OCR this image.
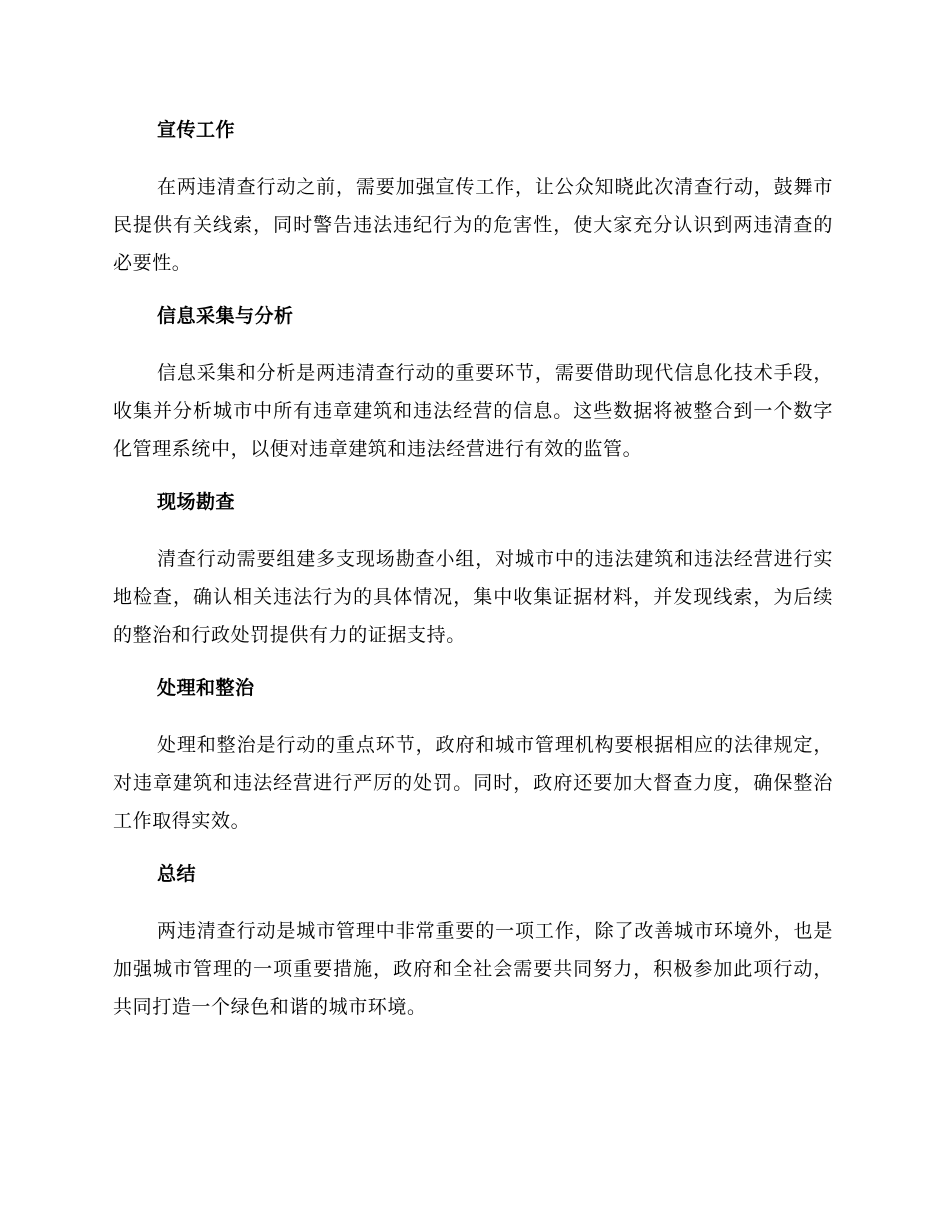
宣传工作

在两违清查行动之前，需要加强宣传工作，让公众知晓此次清查行动，鼓舞市民提供有关线索，同时警告违法违纪行为的危害性，使大家充分认识到两违清查的必要性。

信息采集与分析

信息采集和分析是两违清查行动的重要环节，需要借助现代信息化技术手段，收集并分析城市中所有违章建筑和违法经营的信息。这些数据将被整合到一个数字化管理系统中，以便对违章建筑和违法经营进行有效的监管。

现场勘查

清查行动需要组建多支现场勘查小组，对城市中的违法建筑和违法经营进行实地检查，确认相关违法行为的具体情况，集中收集证据材料，并发现线索，为后续的整治和行政处罚提供有力的证据支持。

处理和整治

处理和整治是行动的重点环节，政府和城市管理机构要根据相应的法律规定，对违章建筑和违法经营进行严厉的处罚。同时，政府还要加大督查力度，确保整治工作取得实效。

总结

两违清查行动是城市管理中非常重要的一项工作，除了改善城市环境外，也是加强城市管理的一项重要措施，政府和全社会需要共同努力，积极参加此项行动，共同打造一个绿色和谐的城市环境。
